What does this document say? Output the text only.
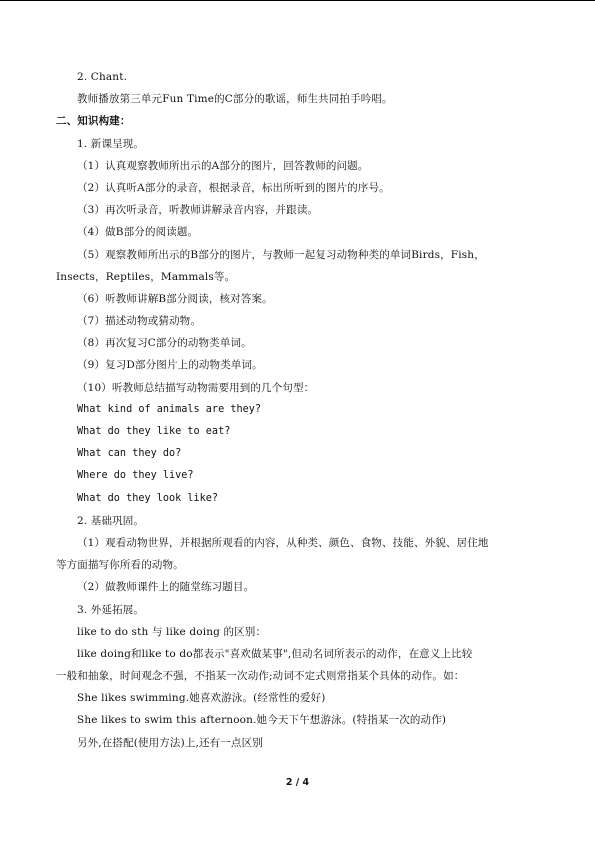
2. Chant.
教师播放第三单元Fun Time的C部分的歌谣，师生共同拍手吟唱。
二、知识构建：
1. 新课呈现。
（1）认真观察教师所出示的A部分的图片，回答教师的问题。
（2）认真听A部分的录音，根据录音，标出所听到的图片的序号。
（3）再次听录音，听教师讲解录音内容，并跟读。
（4）做B部分的阅读题。
（5）观察教师所出示的B部分的图片，与教师一起复习动物种类的单词Birds，Fish，
Insects，Reptiles，Mammals等。
（6）听教师讲解B部分阅读，核对答案。
（7）描述动物或猜动物。
（8）再次复习C部分的动物类单词。
（9）复习D部分图片上的动物类单词。
（10）听教师总结描写动物需要用到的几个句型：
What kind of animals are they?
What do they like to eat?
What can they do?
Where do they live?
What do they look like?
2. 基础巩固。
（1）观看动物世界，并根据所观看的内容，从种类、颜色、食物、技能、外貌、居住地
等方面描写你所看的动物。
（2）做教师课件上的随堂练习题目。
3. 外延拓展。
like to do sth 与 like doing 的区别：
like doing和like to do都表示"喜欢做某事",但动名词所表示的动作，在意义上比较
一般和抽象，时间观念不强，不指某一次动作;动词不定式则常指某个具体的动作。如：
She likes swimming.她喜欢游泳。(经常性的爱好)
She likes to swim this afternoon.她今天下午想游泳。(特指某一次的动作)
另外,在搭配(使用方法)上,还有一点区别
2 / 4
